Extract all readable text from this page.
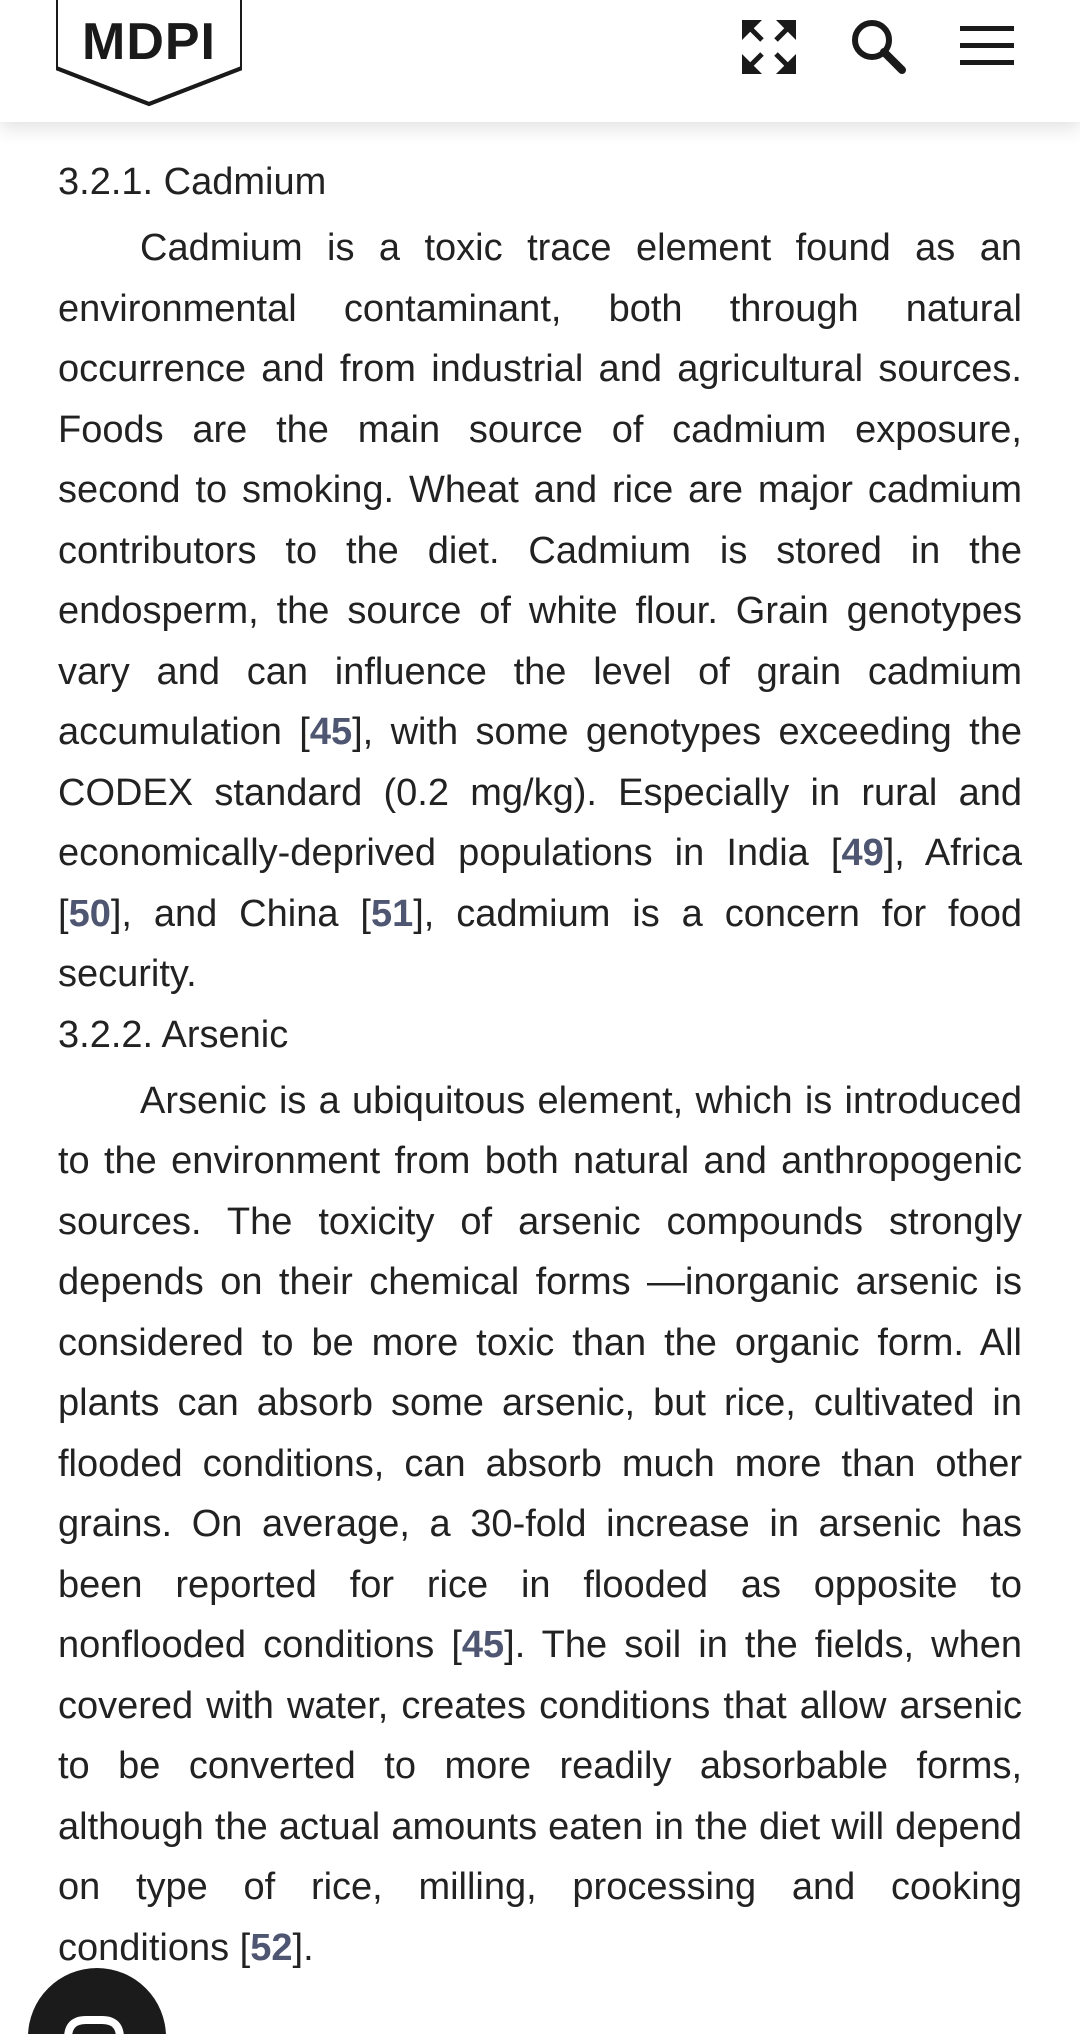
MDPI
3.2.1. Cadmium

Cadmium is a toxic trace element found as an environmental contaminant, both through natural occurrence and from industrial and agricultural sources. Foods are the main source of cadmium exposure, second to smoking. Wheat and rice are major cadmium contributors to the diet. Cadmium is stored in the endosperm, the source of white flour. Grain genotypes vary and can influence the level of grain cadmium accumulation [45], with some genotypes exceeding the CODEX standard (0.2 mg/​kg). Especially in rural and economically-deprived populations in India [49], Africa [50], and China [51], cadmium is a concern for food security.

3.2.2. Arsenic

Arsenic is a ubiquitous element, which is introduced to the environment from both natural and anthropogenic sources. The toxicity of arsenic compounds strongly depends on their chemical forms —inorganic arsenic is considered to be more toxic than the organic form. All plants can absorb some arsenic, but rice, cultivated in flooded conditions, can absorb much more than other grains. On average, a 30-fold increase in arsenic has been reported for rice in flooded as opposite to nonflooded conditions [45]. The soil in the fields, when covered with water, creates conditions that allow arsenic to be converted to more readily absorbable forms, although the actual amounts eaten in the diet will depend on type of rice, milling, processing and cooking conditions [52].
